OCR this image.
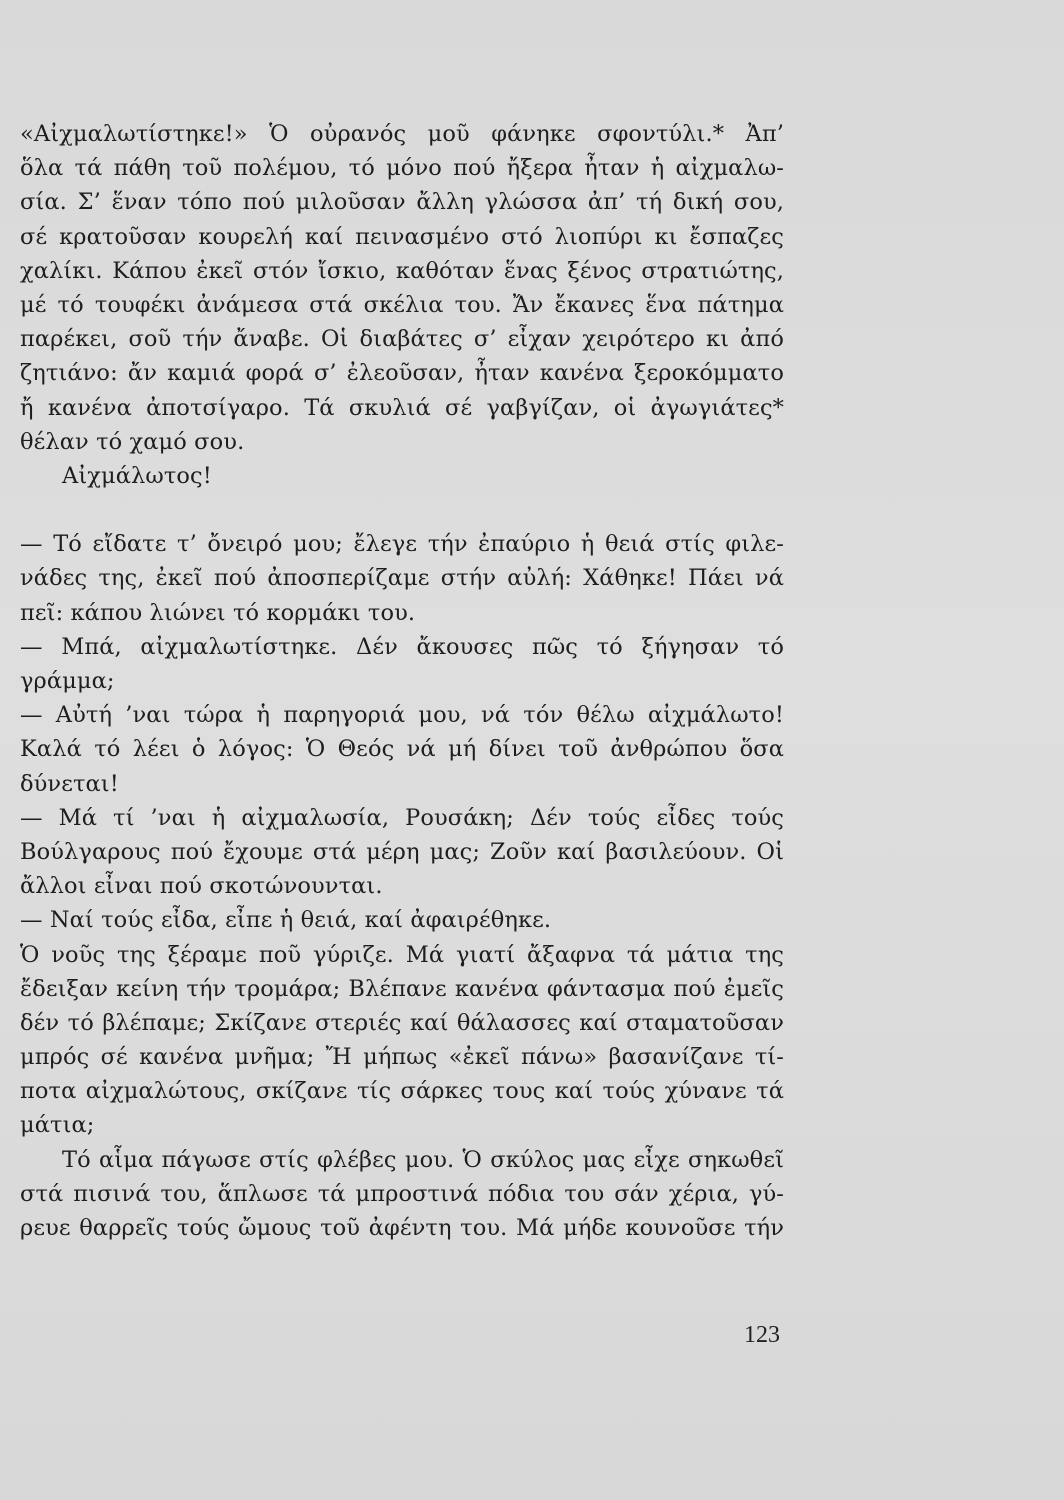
«Αἰχμαλωτίστηκε!» Ὁ οὐρανός μοῦ φάνηκε σφοντύλι.* Ἀπ’
ὅλα τά πάθη τοῦ πολέμου, τό μόνο πού ἤξερα ἦταν ἡ αἰχμαλω-
σία. Σ’ ἕναν τόπο πού μιλοῦσαν ἄλλη γλώσσα ἀπ’ τή δική σου,
σέ κρατοῦσαν κουρελή καί πεινασμένο στό λιοπύρι κι ἔσπαζες
χαλίκι. Κάπου ἐκεῖ στόν ἴσκιο, καθόταν ἕνας ξένος στρατιώτης,
μέ τό τουφέκι ἀνάμεσα στά σκέλια του. Ἄν ἔκανες ἕνα πάτημα
παρέκει, σοῦ τήν ἄναβε. Οἱ διαβάτες σ’ εἶχαν χειρότερο κι ἀπό
ζητιάνο: ἄν καμιά φορά σ’ ἐλεοῦσαν, ἦταν κανένα ξεροκόμματο
ἤ κανένα ἀποτσίγαρο. Τά σκυλιά σέ γαβγίζαν, οἱ ἀγωγιάτες*
θέλαν τό χαμό σου.
Αἰχμάλωτος!
— Τό εἴδατε τ’ ὄνειρό μου; ἔλεγε τήν ἐπαύριο ἡ θειά στίς φιλε-
νάδες της, ἐκεῖ πού ἀποσπερίζαμε στήν αὐλή: Χάθηκε! Πάει νά
πεῖ: κάπου λιώνει τό κορμάκι του.
— Μπά, αἰχμαλωτίστηκε. Δέν ἄκουσες πῶς τό ξήγησαν τό
γράμμα;
— Αὐτή ’ναι τώρα ἡ παρηγοριά μου, νά τόν θέλω αἰχμάλωτο!
Καλά τό λέει ὁ λόγος: Ὁ Θεός νά μή δίνει τοῦ ἀνθρώπου ὅσα
δύνεται!
— Μά τί ’ναι ἡ αἰχμαλωσία, Ρουσάκη; Δέν τούς εἶδες τούς
Βούλγαρους πού ἔχουμε στά μέρη μας; Ζοῦν καί βασιλεύουν. Οἱ
ἄλλοι εἶναι πού σκοτώνουνται.
— Ναί τούς εἶδα, εἶπε ἡ θειά, καί ἀφαιρέθηκε.
Ὁ νοῦς της ξέραμε ποῦ γύριζε. Μά γιατί ἄξαφνα τά μάτια της
ἔδειξαν κείνη τήν τρομάρα; Βλέπανε κανένα φάντασμα πού ἐμεῖς
δέν τό βλέπαμε; Σκίζανε στεριές καί θάλασσες καί σταματοῦσαν
μπρός σέ κανένα μνῆμα; Ἤ μήπως «ἐκεῖ πάνω» βασανίζανε τί-
ποτα αἰχμαλώτους, σκίζανε τίς σάρκες τους καί τούς χύνανε τά
μάτια;
Τό αἷμα πάγωσε στίς φλέβες μου. Ὁ σκύλος μας εἶχε σηκωθεῖ
στά πισινά του, ἅπλωσε τά μπροστινά πόδια του σάν χέρια, γύ-
ρευε θαρρεῖς τούς ὤμους τοῦ ἀφέντη του. Μά μήδε κουνοῦσε τήν
123
